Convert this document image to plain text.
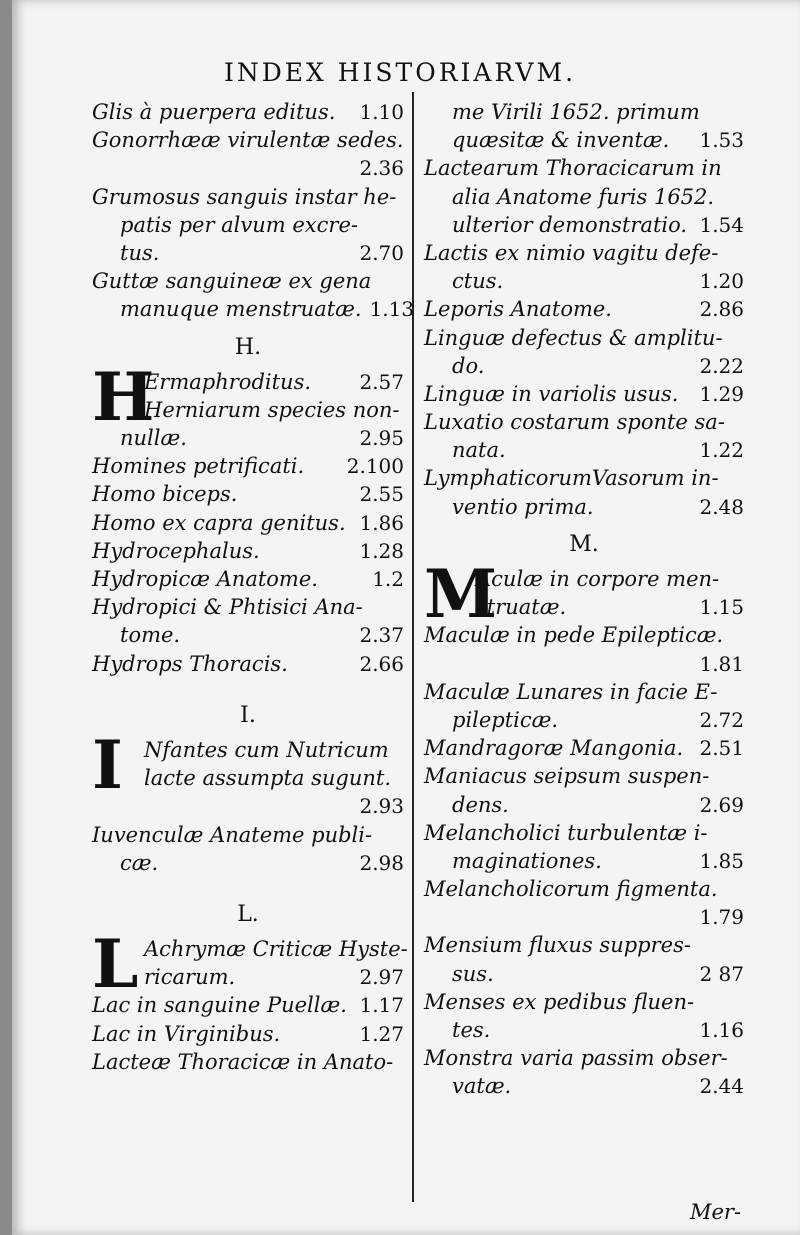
INDEX HISTORIARVM.
Glis à puerpera editus. 1.10
Gonorrhææ virulentæ sedes.
2.36
Grumosus sanguis instar he-
patis per alvum excre-
tus.	2.70
Guttæ sanguineæ ex gena
manuque menstruatæ. 1.13
H.
H
Ermaphroditus. 2.57
Herniarum species non-
nullæ.	2.95
Homines petrificati. 2.100
Homo biceps.	2.55
Homo ex capra genitus. 1.86
Hydrocephalus.	1.28
Hydropicæ Anatome.	1.2
Hydropici & Phtisici Ana-
tome.	2.37
Hydrops Thoracis.	2.66
I.
I Nfantes cum Nutricum
lacte assumpta sugunt.
2.93
Iuvenculæ Anateme publi-
cæ.	2.98
L.
L Achrymæ Criticæ Hyste-
ricarum.	2.97
Lac in sanguine Puellæ. 1.17
Lac in Virginibus.	1.27
Lacteæ Thoracicæ in Anato-
me Virili 1652. primum
quæsitæ & inventæ. 1.53
Lactearum Thoracicarum in
alia Anatome furis 1652.
ulterior demonstratio. 1.54
Lactis ex nimio vagitu defe-
ctus.	1.20
Leporis Anatome.	2.86
Linguæ defectus & amplitu-
do.	2.22
Linguæ in variolis usus. 1.29
Luxatio costarum sponte sa-
nata.	1.22
LymphaticorumVasorum in-
ventio prima.	2.48
M.
M
Aculæ in corpore men-
struatæ.	1.15
Maculæ in pede Epilepticæ.
1.81
Maculæ Lunares in facie E-
pilepticæ.	2.72
Mandragoræ Mangonia. 2.51
Maniacus seipsum suspen-
dens.	2.69
Melancholici turbulentæ i-
maginationes.	1.85
Melancholicorum figmenta.
1.79
Mensium fluxus suppres-
sus.	2 87
Menses ex pedibus fluen-
tes.	1.16
Monstra varia passim obser-
vatæ.	2.44
Mer-
